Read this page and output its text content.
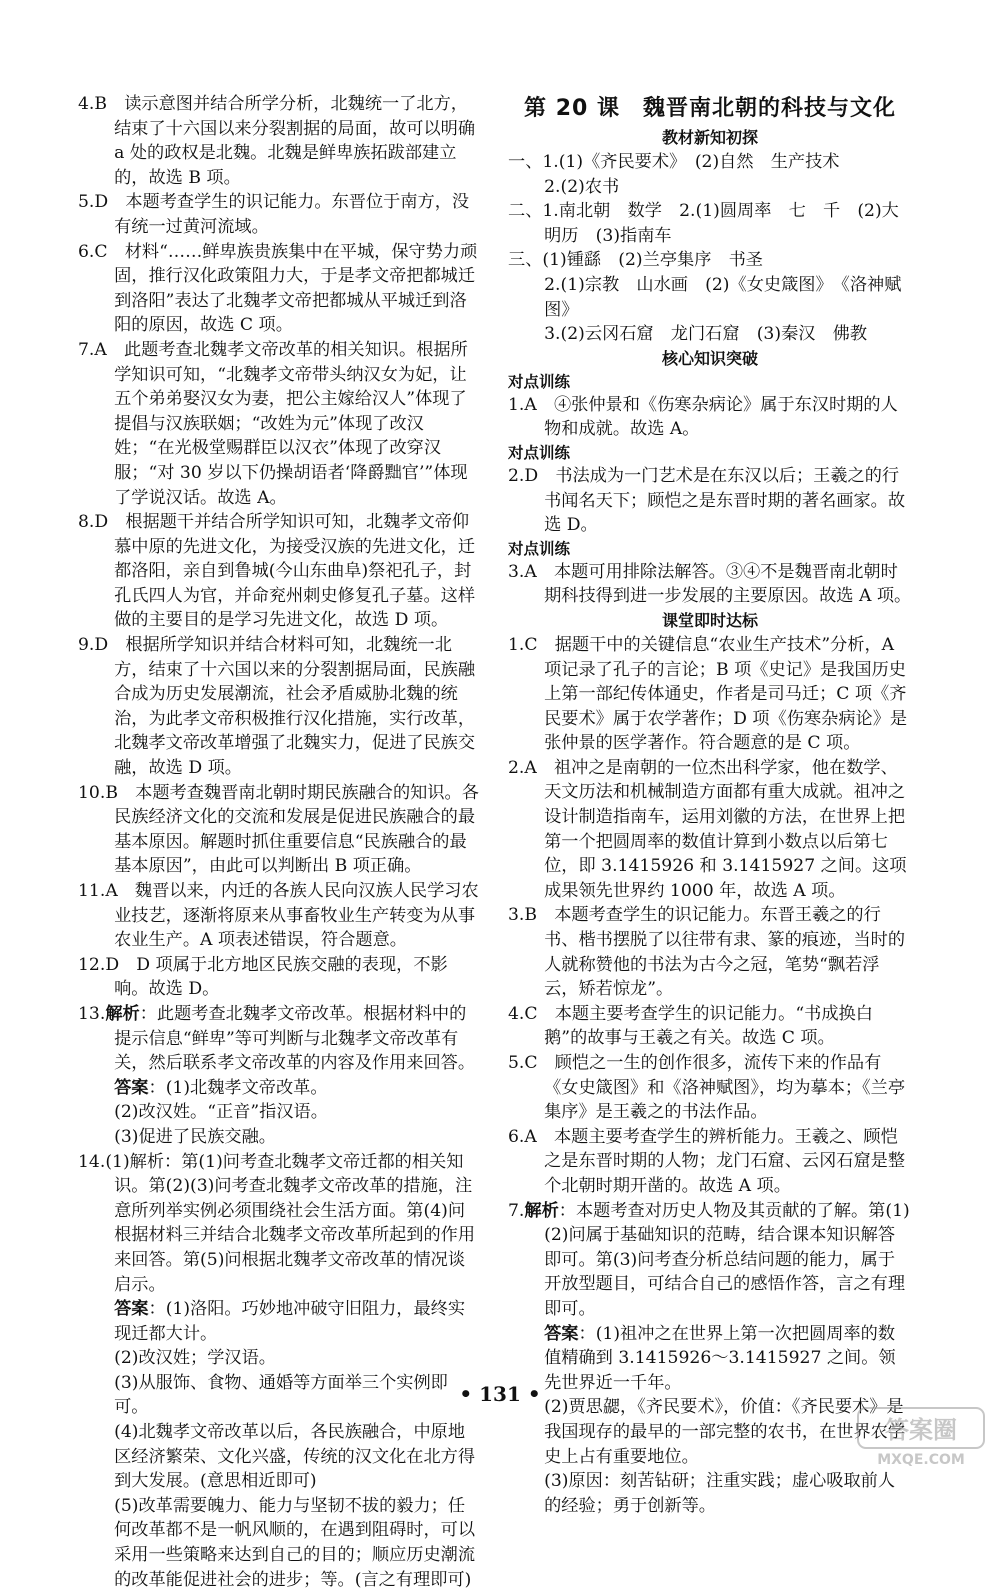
4.B　读示意图并结合所学分析，北魏统一了北方，结束了十六国以来分裂割据的局面，故可以明确 a 处的政权是北魏。北魏是鲜卑族拓跋部建立的，故选 B 项。

5.D　本题考查学生的识记能力。东晋位于南方，没有统一过黄河流域。

6.C　材料“……鲜卑族贵族集中在平城，保守势力顽固，推行汉化政策阻力大，于是孝文帝把都城迁到洛阳”表达了北魏孝文帝把都城从平城迁到洛阳的原因，故选 C 项。

7.A　此题考查北魏孝文帝改革的相关知识。根据所学知识可知，“北魏孝文帝带头纳汉女为妃，让五个弟弟娶汉女为妻，把公主嫁给汉人”体现了提倡与汉族联姻；“改姓为元”体现了改汉姓；“在光极堂赐群臣以汉衣”体现了改穿汉服；“对 30 岁以下仍操胡语者‘降爵黜官’”体现了学说汉话。故选 A。

8.D　根据题干并结合所学知识可知，北魏孝文帝仰慕中原的先进文化，为接受汉族的先进文化，迁都洛阳，亲自到鲁城(今山东曲阜)祭祀孔子，封孔氏四人为官，并命兖州刺史修复孔子墓。这样做的主要目的是学习先进文化，故选 D 项。

9.D　根据所学知识并结合材料可知，北魏统一北方，结束了十六国以来的分裂割据局面，民族融合成为历史发展潮流，社会矛盾威胁北魏的统治，为此孝文帝积极推行汉化措施，实行改革，北魏孝文帝改革增强了北魏实力，促进了民族交融，故选 D 项。

10.B　本题考查魏晋南北朝时期民族融合的知识。各民族经济文化的交流和发展是促进民族融合的最基本原因。解题时抓住重要信息“民族融合的最基本原因”，由此可以判断出 B 项正确。

11.A　魏晋以来，内迁的各族人民向汉族人民学习农业技艺，逐渐将原来从事畜牧业生产转变为从事农业生产。A 项表述错误，符合题意。

12.D　D 项属于北方地区民族交融的表现，不影响。故选 D。

13.解析：此题考查北魏孝文帝改革。根据材料中的提示信息“鲜卑”等可判断与北魏孝文帝改革有关，然后联系孝文帝改革的内容及作用来回答。

答案：(1)北魏孝文帝改革。

(2)改汉姓。“正音”指汉语。

(3)促进了民族交融。

14.(1)解析：第(1)问考查北魏孝文帝迁都的相关知识。第(2)(3)问考查北魏孝文帝改革的措施，注意所列举实例必须围绕社会生活方面。第(4)问根据材料三并结合北魏孝文帝改革所起到的作用来回答。第(5)问根据北魏孝文帝改革的情况谈启示。

答案：(1)洛阳。巧妙地冲破守旧阻力，最终实现迁都大计。

(2)改汉姓；学汉语。

(3)从服饰、食物、通婚等方面举三个实例即可。

(4)北魏孝文帝改革以后，各民族融合，中原地区经济繁荣、文化兴盛，传统的汉文化在北方得到大发展。(意思相近即可)

(5)改革需要魄力、能力与坚韧不拔的毅力；任何改革都不是一帆风顺的，在遇到阻碍时，可以采用一些策略来达到自己的目的；顺应历史潮流的改革能促进社会的进步；等。(言之有理即可)

第 20 课　魏晋南北朝的科技与文化

教材新知初探

一、1.(1)《齐民要术》　(2)自然　生产技术

2.(2)农书

二、1.南北朝　数学　2.(1)圆周率　七　千　(2)大明历　(3)指南车

三、(1)锺繇　(2)兰亭集序　书圣

2.(1)宗教　山水画　(2)《女史箴图》　《洛神赋图》

3.(2)云冈石窟　龙门石窟　(3)秦汉　佛教

核心知识突破

对点训练

1.A　④张仲景和《伤寒杂病论》属于东汉时期的人物和成就。故选 A。

对点训练

2.D　书法成为一门艺术是在东汉以后；王羲之的行书闻名天下；顾恺之是东晋时期的著名画家。故选 D。

对点训练

3.A　本题可用排除法解答。③④不是魏晋南北朝时期科技得到进一步发展的主要原因。故选 A 项。

课堂即时达标

1.C　据题干中的关键信息“农业生产技术”分析，A 项记录了孔子的言论；B 项《史记》是我国历史上第一部纪传体通史，作者是司马迁；C 项《齐民要术》属于农学著作；D 项《伤寒杂病论》是张仲景的医学著作。符合题意的是 C 项。

2.A　祖冲之是南朝的一位杰出科学家，他在数学、天文历法和机械制造方面都有重大成就。祖冲之设计制造指南车，运用刘徽的方法，在世界上把第一个把圆周率的数值计算到小数点以后第七位，即 3.1415926 和 3.1415927 之间。这项成果领先世界约 1000 年，故选 A 项。

3.B　本题考查学生的识记能力。东晋王羲之的行书、楷书摆脱了以往带有隶、篆的痕迹，当时的人就称赞他的书法为古今之冠，笔势“飘若浮云，矫若惊龙”。

4.C　本题主要考查学生的识记能力。“书成换白鹅”的故事与王羲之有关。故选 C 项。

5.C　顾恺之一生的创作很多，流传下来的作品有《女史箴图》和《洛神赋图》，均为摹本；《兰亭集序》是王羲之的书法作品。

6.A　本题主要考查学生的辨析能力。王羲之、顾恺之是东晋时期的人物；龙门石窟、云冈石窟是整个北朝时期开凿的。故选 A 项。

7.解析：本题考查对历史人物及其贡献的了解。第(1)(2)问属于基础知识的范畴，结合课本知识解答即可。第(3)问考查分析总结问题的能力，属于开放型题目，可结合自己的感悟作答，言之有理即可。

答案：(1)祖冲之在世界上第一次把圆周率的数值精确到 3.1415926～3.1415927 之间。领先世界近一千年。

(2)贾思勰，《齐民要术》，价值：《齐民要术》是我国现存的最早的一部完整的农书，在世界农学史上占有重要地位。

(3)原因：刻苦钻研；注重实践；虚心吸取前人的经验；勇于创新等。

• 131 •
答案圈
MXQE.COM
